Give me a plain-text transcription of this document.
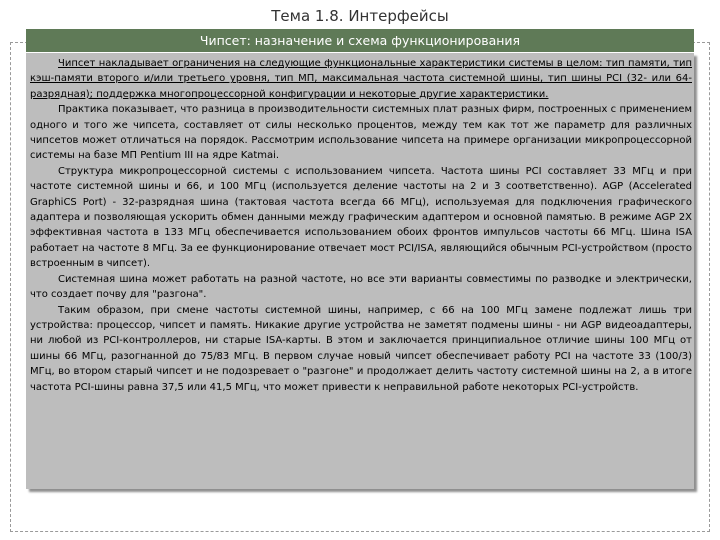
Тема 1.8. Интерфейсы
Чипсет: назначение и схема функционирования

Чипсет накладывает ограничения на следующие функциональные характеристики системы в целом: тип памяти, тип кэш-памяти второго и/или третьего уровня, тип МП, максимальная частота системной шины, тип шины PCI (32- или 64-разрядная); поддержка многопроцессорной конфигурации и некоторые другие характеристики.

Практика показывает, что разница в производительности системных плат разных фирм, построенных с применением одного и того же чипсета, составляет от силы несколько процентов, между тем как тот же параметр для различных чипсетов может отличаться на порядок. Рассмотрим использование чипсета на примере организации микропроцессорной системы на базе МП Pentium III на ядре Katmai.

Структура микропроцессорной системы с использованием чипсета. Частота шины PCI составляет 33 МГц и при частоте системной шины и 66, и 100 МГц (используется деление частоты на 2 и 3 соответственно). AGP (Accelerated GraphiCS Port) - 32-разрядная шина (тактовая частота всегда 66 МГц), используемая для подключения графического адаптера и позволяющая ускорить обмен данными между графическим адаптером и основной памятью. В режиме AGP 2X эффективная частота в 133 МГц обеспечивается использованием обоих фронтов импульсов частоты 66 МГц. Шина ISA работает на частоте 8 МГц. За ее функционирование отвечает мост PCI/ISA, являющийся обычным PCI-устройством (просто встроенным в чипсет).

Системная шина может работать на разной частоте, но все эти варианты совместимы по разводке и электрически, что создает почву для "разгона".

Таким образом, при смене частоты системной шины, например, с 66 на 100 МГц замене подлежат лишь три устройства: процессор, чипсет и память. Никакие другие устройства не заметят подмены шины - ни AGP видеоадаптеры, ни любой из PCI-контроллеров, ни старые ISA-карты. В этом и заключается принципиальное отличие шины 100 МГц от шины 66 МГц, разогнанной до 75/83 МГц. В первом случае новый чипсет обеспечивает работу PCI на частоте 33 (100/3) МГц, во втором старый чипсет и не подозревает о "разгоне" и продолжает делить частоту системной шины на 2, а в итоге частота PCI-шины равна 37,5 или 41,5 МГц, что может привести к неправильной работе некоторых PCI-устройств.
